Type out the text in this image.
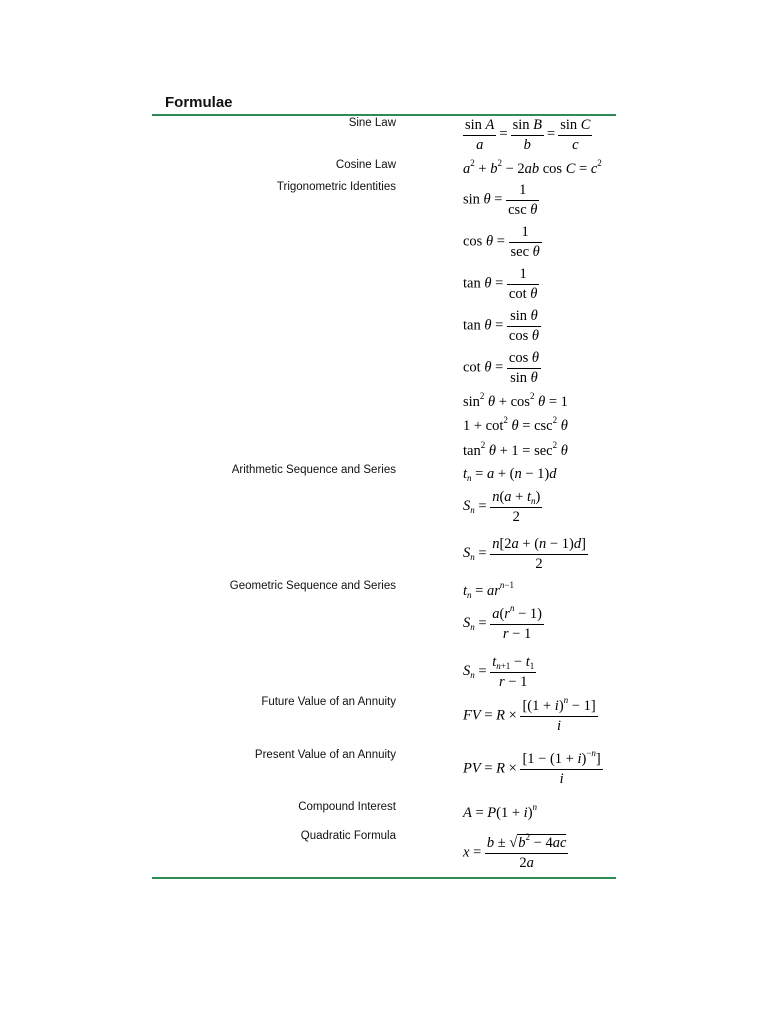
Formulae
Sine Law
Cosine Law
Trigonometric Identities
Arithmetic Sequence and Series
Geometric Sequence and Series
Future Value of an Annuity
Present Value of an Annuity
Compound Interest
Quadratic Formula
$\frac{\text{sin A}}{a} = \frac{\text{sin B}}{b} = \frac{\text{sin C}}{c}$
$a^2 + b^2 - 2ab$ $\cos C = c^2$
$\sin \theta = \frac{1}{\text{csc θ}}$
$\cos \theta = \frac{1}{\text{sec θ}}$
$\tan \theta = \frac{1}{\text{cot θ}}$
$\tan \theta = \frac{\text{sin θ}}{\text{cos θ}}$
$\cot \theta = \frac{\text{cos θ}}{\text{sin θ}}$
$\sin^2 \theta + \cos^2 \theta = 1$
$1 + \cot^2 \theta = \csc^2 \theta$
$\tan^2 \theta + 1 = \sec^2 \theta$
$t_n = a + (n - 1)d$
$S_n = \frac{n(a + t_n)}{2}$
$S_n = \frac{n[2a + (n - 1)d]}{2}$
$t_n = ar^{n-1}$
$S_n = \frac{a(r^n - 1)}{r - 1}$
$S_n = \frac{t_{n+1} - t_1}{r - 1}$
FV = $R \times \frac{[(1 + i)^n - 1]}{i}$
PV = $R \times \frac{[1 - (1 + i)^{-n}]}{i}$
$A = P(1 + i)^n$
$x = \frac{b \pm √b^2 - 4ac}{2a}$
